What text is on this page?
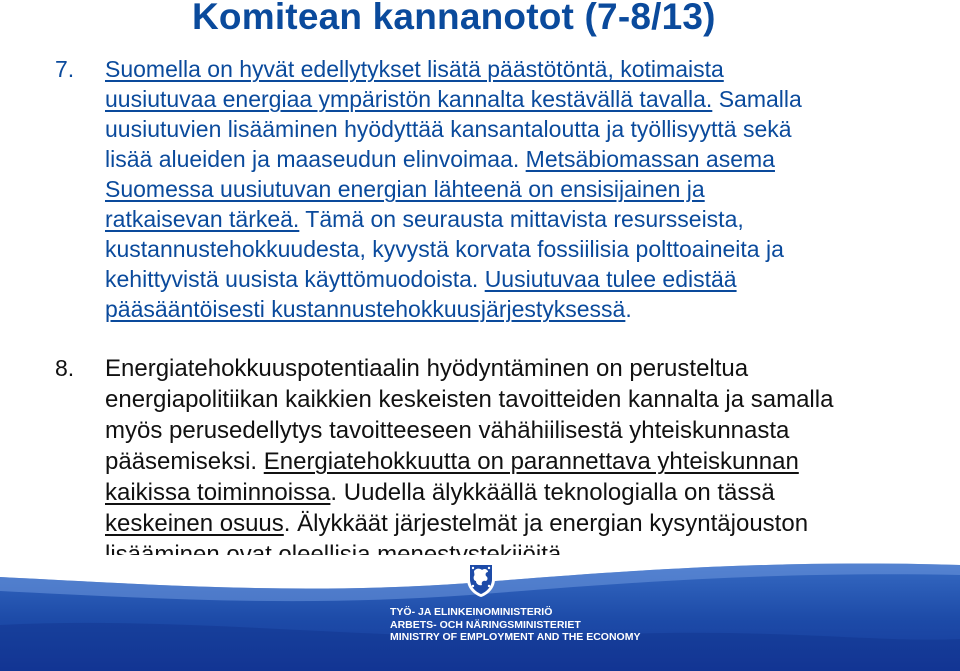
Komitean kannanotot (7-8/13)
7. Suomella on hyvät edellytykset lisätä päästötöntä, kotimaista
uusiutuvaa energiaa ympäristön kannalta kestävällä tavalla. Samalla
uusiutuvien lisääminen hyödyttää kansantaloutta ja työllisyyttä sekä
lisää alueiden ja maaseudun elinvoimaa. Metsäbiomassan asema
Suomessa uusiutuvan energian lähteenä on ensisijainen ja
ratkaisevan tärkeä. Tämä on seurausta mittavista resursseista,
kustannustehokkuudesta, kyvystä korvata fossiilisia polttoaineita ja
kehittyvistä uusista käyttömuodoista. Uusiutuvaa tulee edistää
pääsääntöisesti kustannustehokkuusjärjestyksessä.
8. Energiatehokkuuspotentiaalin hyödyntäminen on perusteltua
energiapolitiikan kaikkien keskeisten tavoitteiden kannalta ja samalla
myös perusedellytys tavoitteeseen vähähiilisestä yhteiskunnasta
pääsemiseksi. Energiatehokkuutta on parannettava yhteiskunnan
kaikissa toiminnoissa. Uudella älykkäällä teknologialla on tässä
keskeinen osuus. Älykkäät järjestelmät ja energian kysyntäjouston
TYÖ- JA ELINKEINOMINISTERIÖ
ARBETS- OCH NÄRINGSMINISTERIET
MINISTRY OF EMPLOYMENT AND THE ECONOMY
